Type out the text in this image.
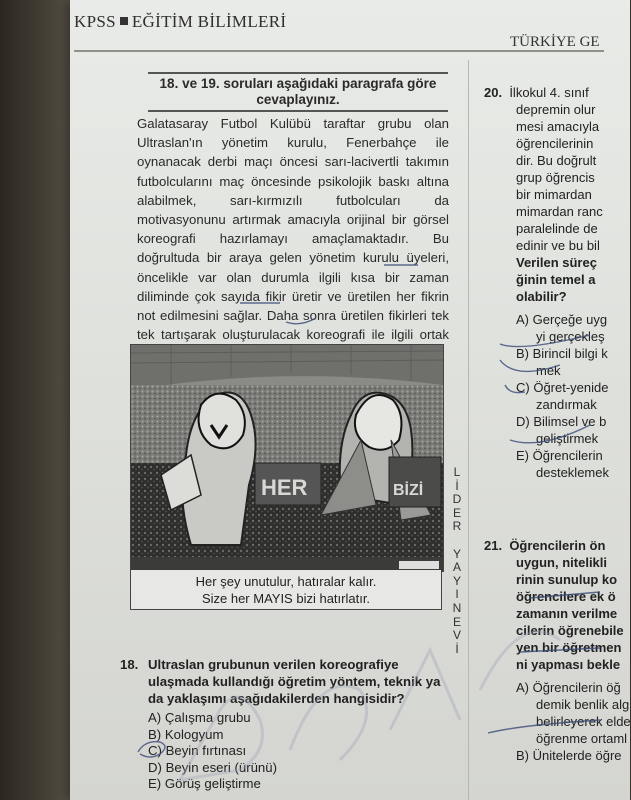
KPSS EĞİTİM BİLİMLERİ
TÜRKİYE GE
18. ve 19. soruları aşağıdaki paragrafa göre cevaplayınız.
Galatasaray Futbol Kulübü taraftar grubu olan Ultraslan'ın yönetim kurulu, Fenerbahçe ile oynanacak derbi maçı öncesi sarı-lacivertli takımın futbolcularını maç öncesinde psikolojik baskı altına alabilmek, sarı-kırmızılı futbolcuları da motivasyonunu artırmak amacıyla orijinal bir görsel koreografi hazırlamayı amaçlamaktadır. Bu doğrultuda bir araya gelen yönetim kurulu üyeleri, öncelikle var olan durumla ilgili kısa bir zaman diliminde çok sayıda fikir üretir ve üretilen her fikrin not edilmesini sağlar. Daha sonra üretilen fikirleri tek tek tartışarak oluşturulacak koreografi ile ilgili ortak
HER	BİZİ
Her şey unutulur, hatıralar kalır.
Size her MAYIS bizi hatırlatır.
L
İ
D
E
R

Y
A
Y
I
N
E
V
İ
18. Ultraslan grubunun verilen koreografiye ulaşmada kullandığı öğretim yöntem, teknik ya da yaklaşımı aşağıdakilerden hangisidir?
A) Çalışma grubu
B) Kologyum
C) Beyin fırtınası
D) Beyin eseri (ürünü)
E) Görüş geliştirme
20. İlkokul 4. sınıf
depremin olur
mesi amacıyla
öğrencilerinin
dir. Bu doğrult
grup öğrencis
bir mimardan
mimardan ranc
paralelinde de
edinir ve bu bil
Verilen süreç
ğinin temel a
olabilir?
A) Gerçeğe uyg
yi gerçekleş
B) Birincil bilgi k
mek
C) Öğret-yenide
zandırmak
D) Bilimsel ve b
geliştirmek
E) Öğrencilerin
desteklemek
21. Öğrencilerin ön
uygun, nitelikli
rinin sunulup ko
öğrencilere ek ö
zamanın verilme
cilerin öğrenebile
yen bir öğretmen
ni yapması bekle
A) Öğrencilerin öğ
demik benlik alg
belirleyerek elde
öğrenme ortaml
B) Ünitelerde öğre
